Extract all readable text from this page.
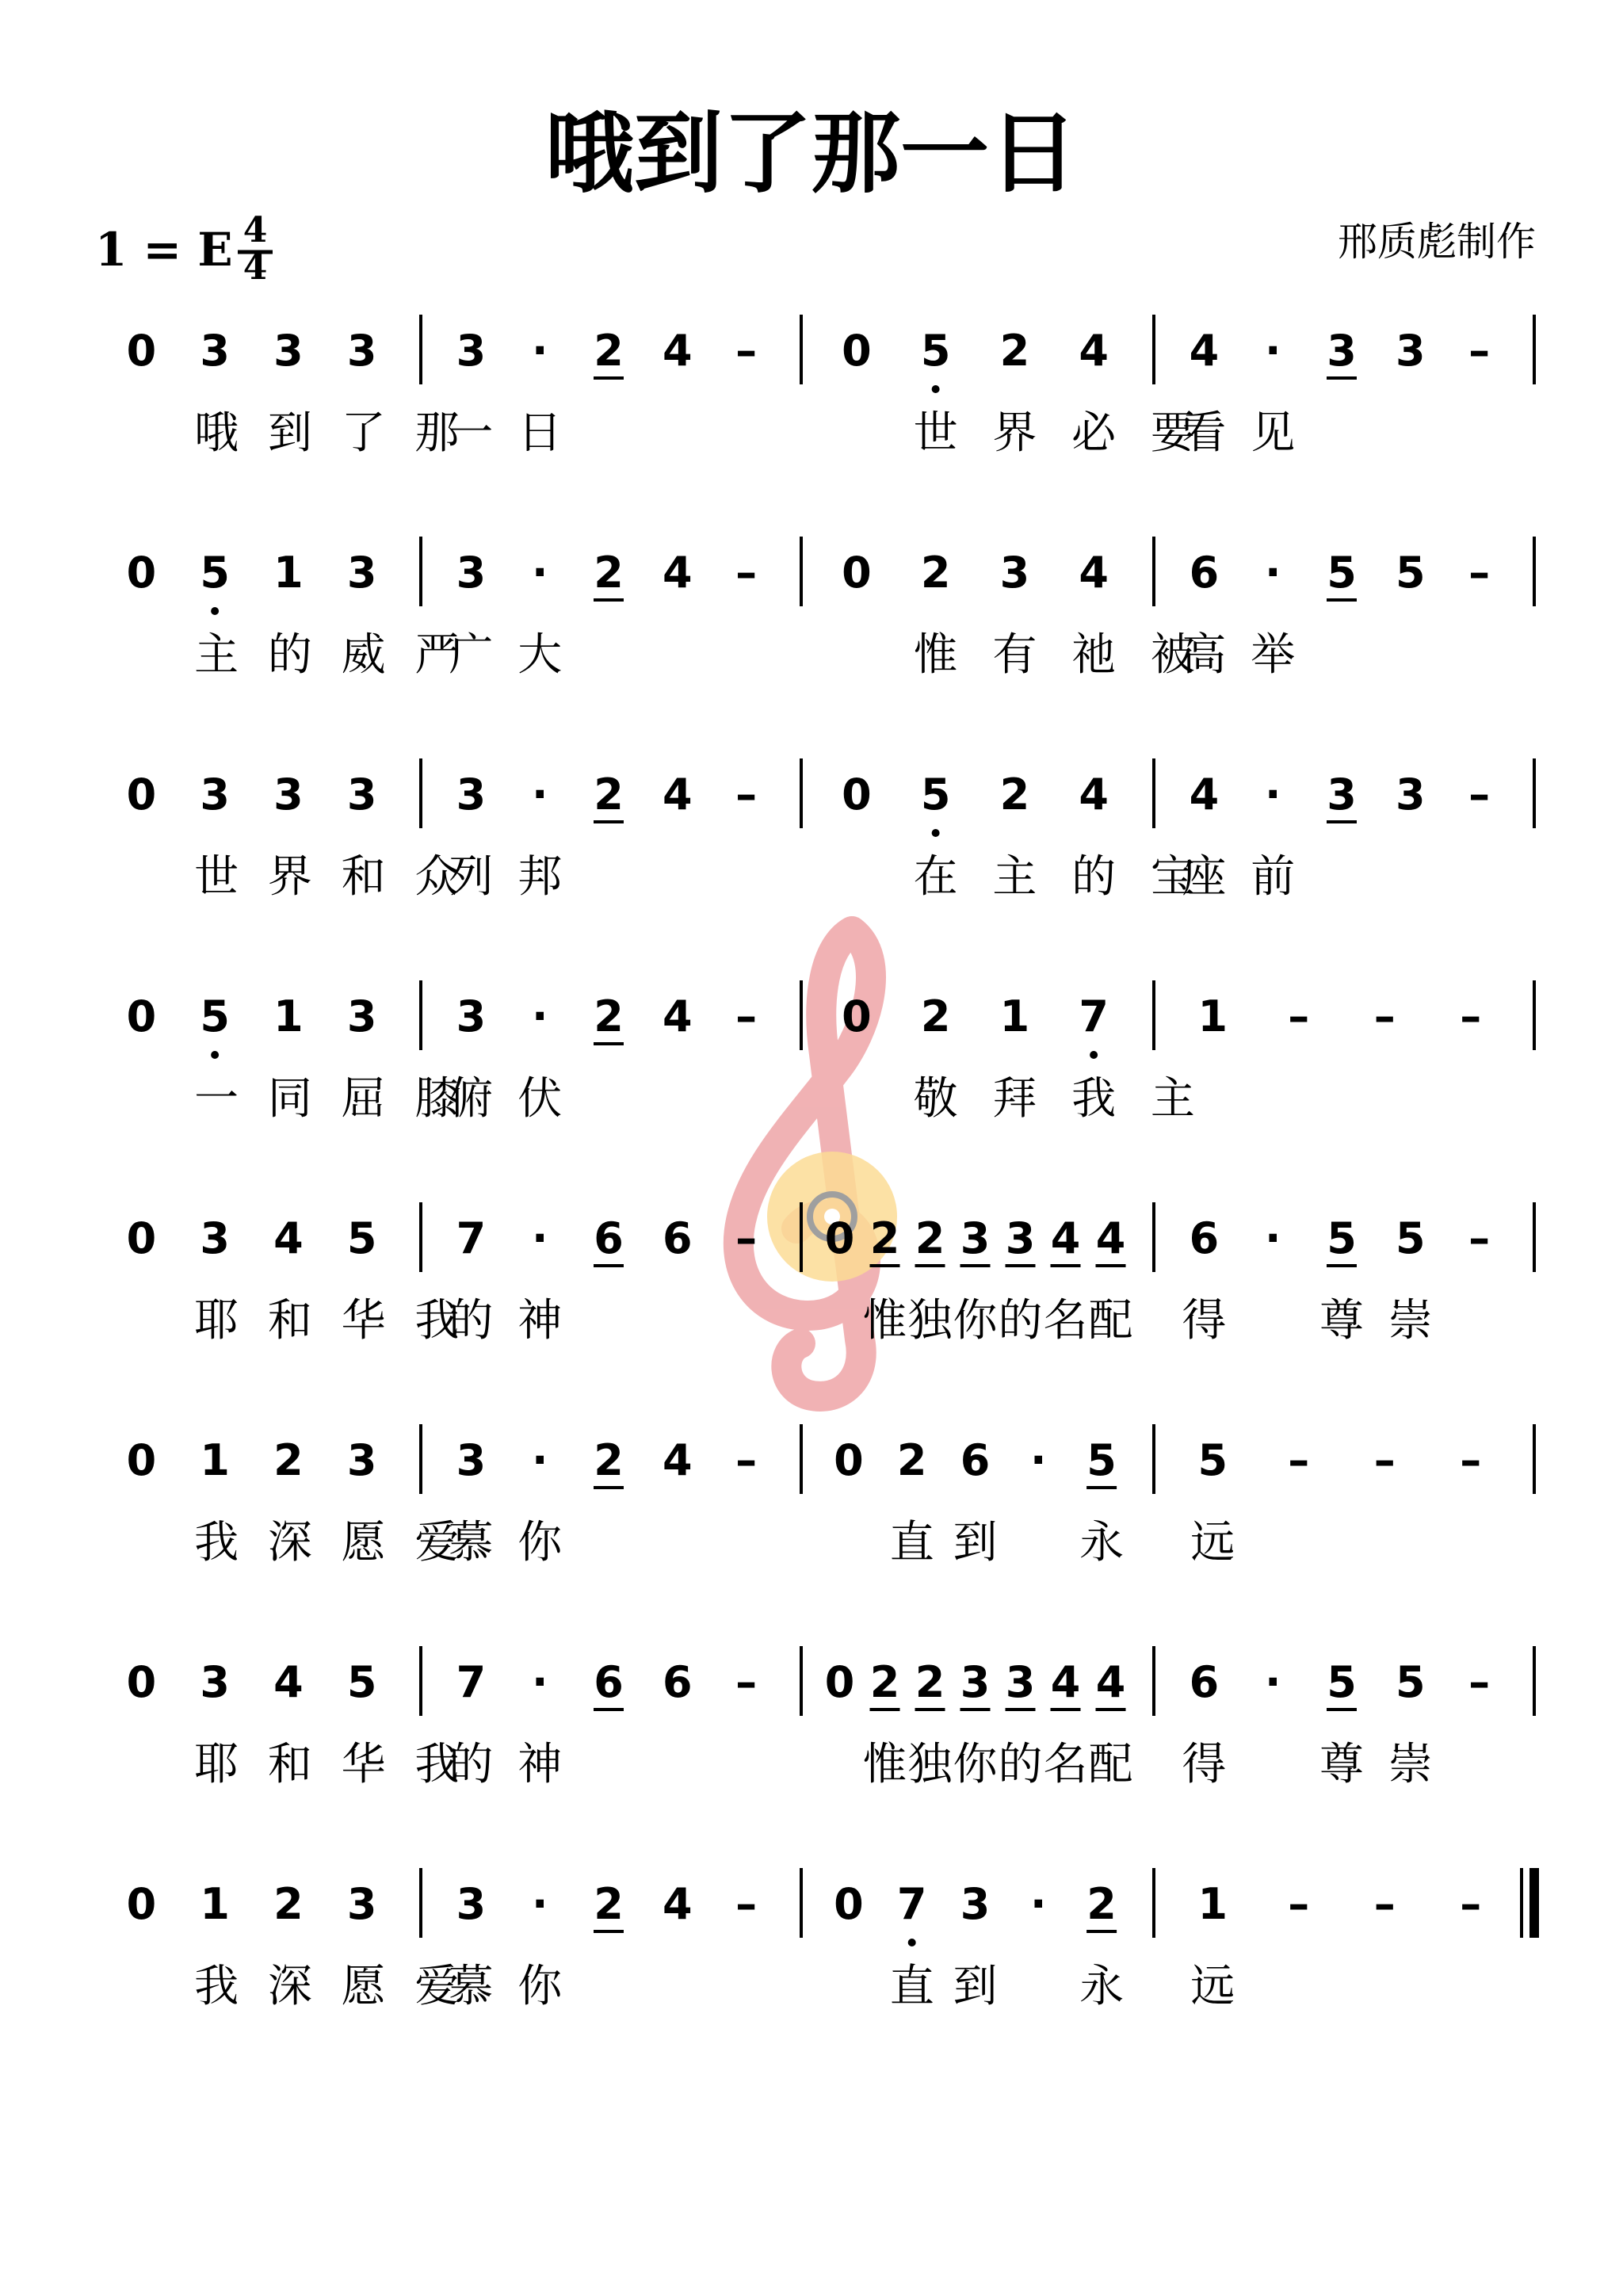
哦到了那一日
1 = E 4
4
邢质彪制作
0 3 3 3
哦 到 了 那
3 · 2 4 –
一 日
0 5 2 4
世 界 必 要
4 · 3 3 –
看 见
0 5 1 3
主 的 威 严
3 · 2 4 –
广 大
0 2 3 4
惟 有 祂 被
6 · 5 5 –
高 举
0 3 3 3
世 界 和 众
3 · 2 4 –
列 邦
0 5 2 4
在 主 的 宝
4 · 3 3 –
座 前
0 5 1 3
一 同 屈 膝
3 · 2 4 –
俯 伏
0 2 1 7
敬 拜 我 主
1 – – –
0 3 4 5
耶 和 华 我
7 · 6 6 –
的 神
0 2 2 3 3 4 4
惟 独 你 的 名 配
6 · 5 5 –
得 尊 崇
0 1 2 3
我 深 愿 爱
3 · 2 4 –
慕 你
0 2 6 · 5
直 到 永
5 – – –
远
0 3 4 5
耶 和 华 我
7 · 6 6 –
的 神
0 2 2 3 3 4 4
惟 独 你 的 名 配
6 · 5 5 –
得 尊 崇
0 1 2 3
我 深 愿 爱
3 · 2 4 –
慕 你
0 7 3 · 2
直 到 永
1 – – –
远
